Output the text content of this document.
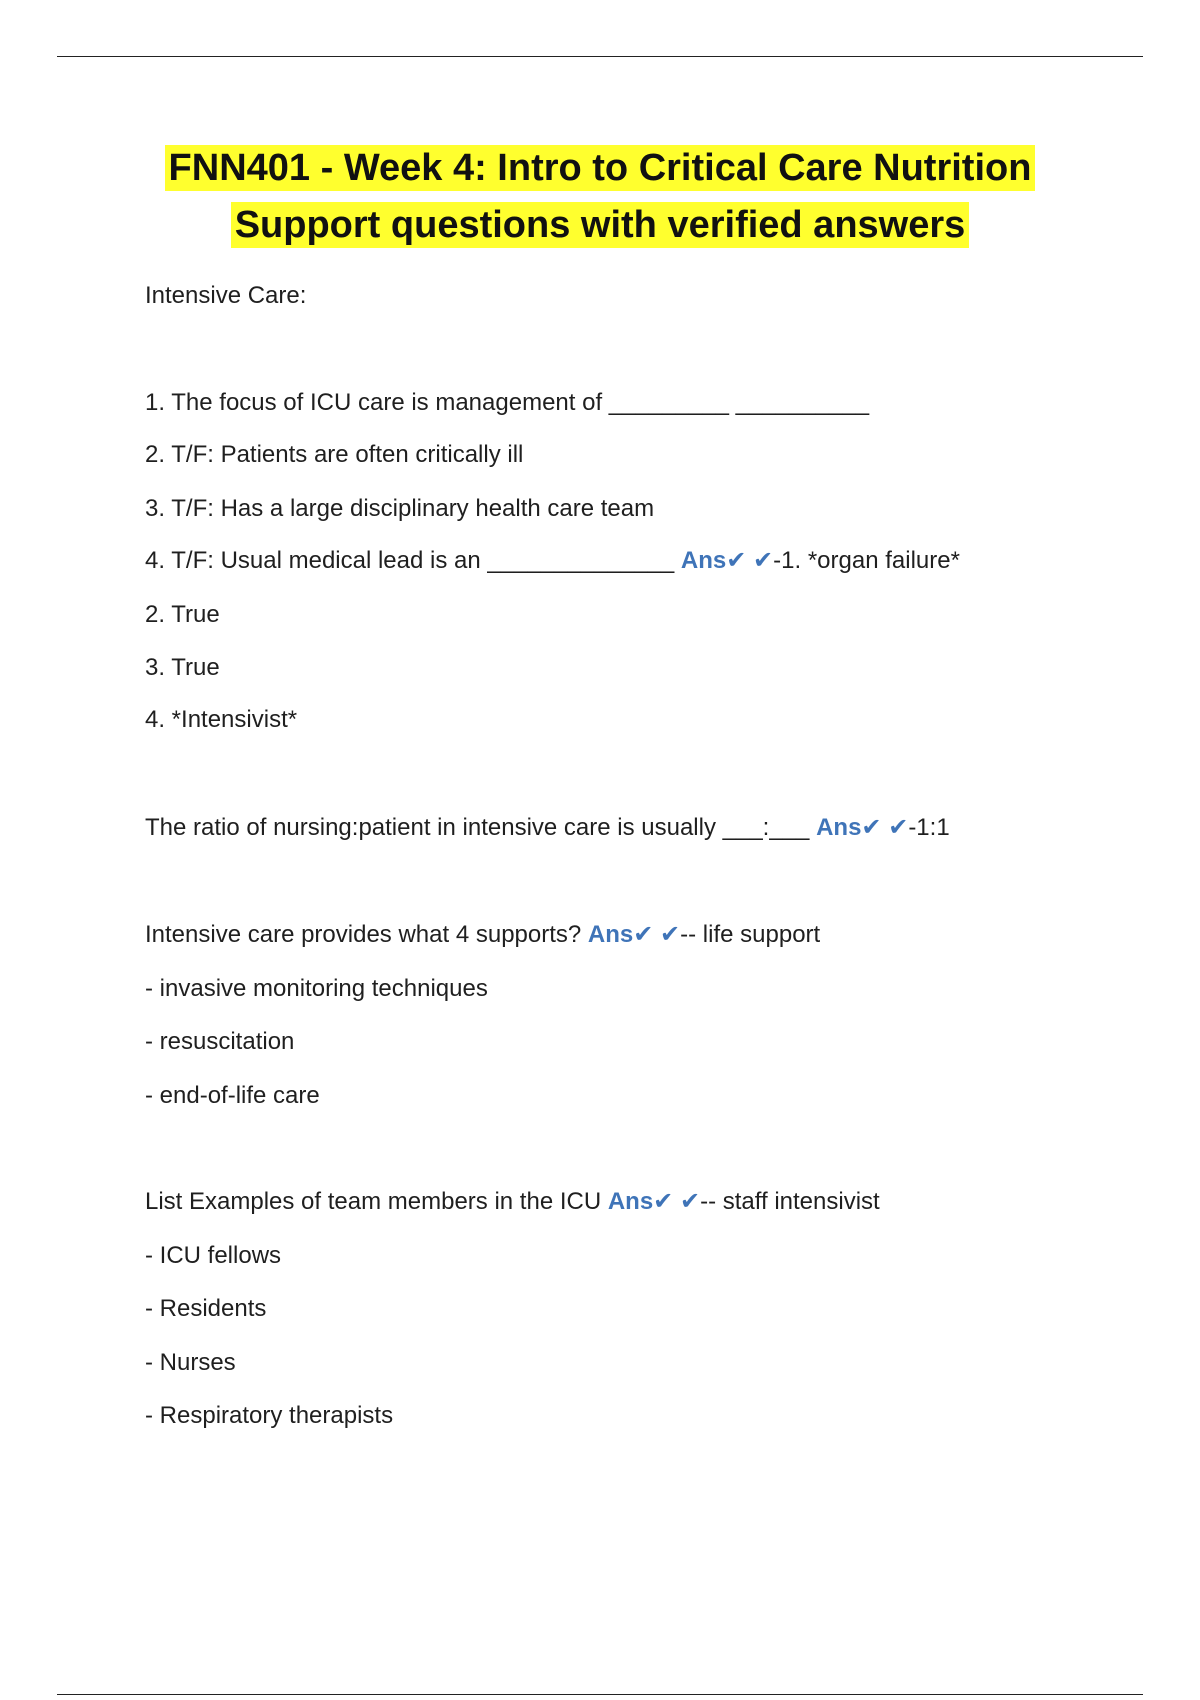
FNN401 - Week 4: Intro to Critical Care Nutrition
Support questions with verified answers
Intensive Care:
1. The focus of ICU care is management of _________ __________
2. T/F: Patients are often critically ill
3. T/F: Has a large disciplinary health care team
4. T/F: Usual medical lead is an ______________ Ans✔ ✔-1. *organ failure*
2. True
3. True
4. *Intensivist*
The ratio of nursing:patient in intensive care is usually ___:___ Ans✔ ✔-1:1
Intensive care provides what 4 supports? Ans✔ ✔-- life support
- invasive monitoring techniques
- resuscitation
- end-of-life care
List Examples of team members in the ICU Ans✔ ✔-- staff intensivist
- ICU fellows
- Residents
- Nurses
- Respiratory therapists
